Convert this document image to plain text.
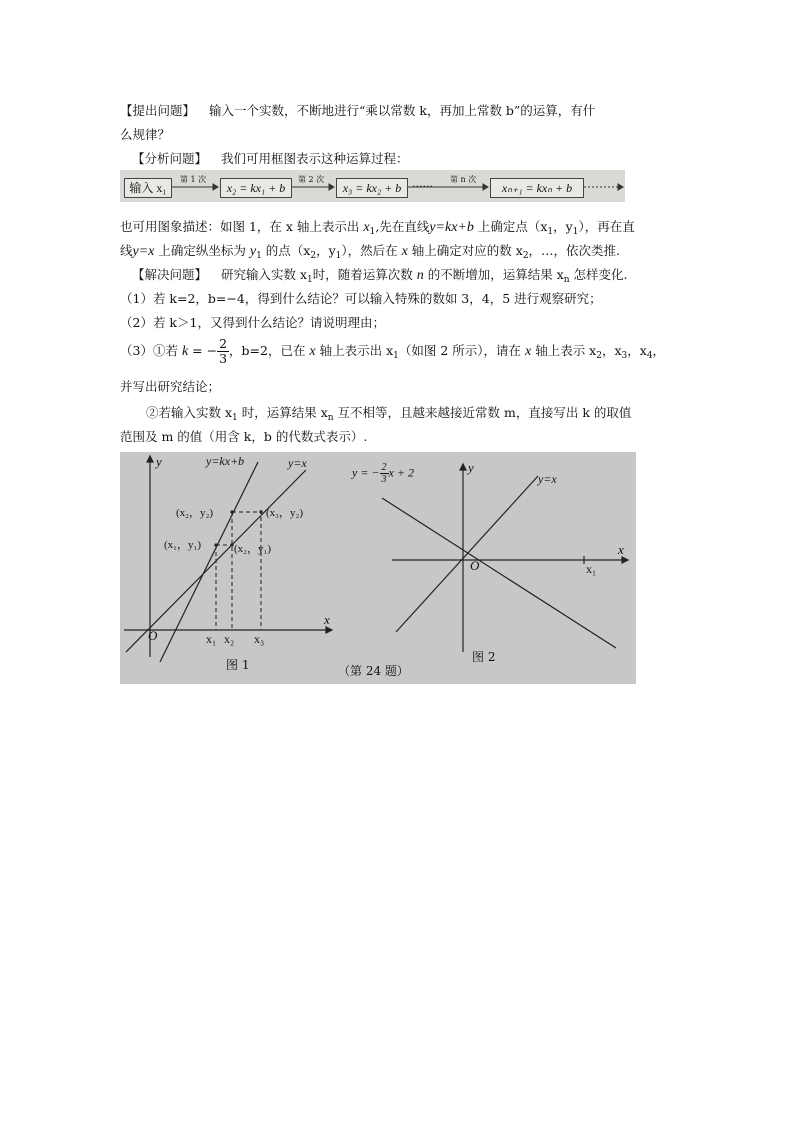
【提出问题】 输入一个实数，不断地进行“乘以常数 k，再加上常数 b”的运算，有什
么规律？
【分析问题】 我们可用框图表示这种运算过程：
输入 x₁
第 1 次
x₂ = kx₁ + b
第 2 次
x₃ = kx₂ + b ······
第 n 次
xₙ₊₁ = kxₙ + b
也可用图象描述：如图 1，在 x 轴上表示出 $x_1$,先在直线y=kx+b 上确定点（$x_1$，$y_1$），再在直
线y=x 上确定纵坐标为 $y_1$ 的点（$x_2$，$y_1$），然后在 x 轴上确定对应的数 $x_2$，…，依次类推.
【解决问题】 研究输入实数 $x_1$时，随着运算次数 n 的不断增加，运算结果 $x_n$ 怎样变化.
（1）若 k=2，b=−4，得到什么结论？可以输入特殊的数如 3，4，5 进行观察研究；
（2）若 k＞1，又得到什么结论？请说明理由；
（3）①若 k = − $\frac{2}{3}$ ，b=2，已在 x 轴上表示出 $x_1$（如图 2 所示），请在 x 轴上表示 $x_2$，$x_3$，$x_4$，
并写出研究结论；
②若输入实数 $x_1$ 时，运算结果 $x_n$ 互不相等，且越来越接近常数 m，直接写出 k 的取值
范围及 m 的值（用含 k，b 的代数式表示）.
y
x
O
y=kx+b	y=x
(x₂，y₂)	(x₃，y₂)
(x₁，y₁)	(x₂，y₁)
x₁ x₂ x₃
图 1
y
x
O
y = − $\frac{2}{3}$ x + 2	y=x
x₁
图 2
（第 24 题）
